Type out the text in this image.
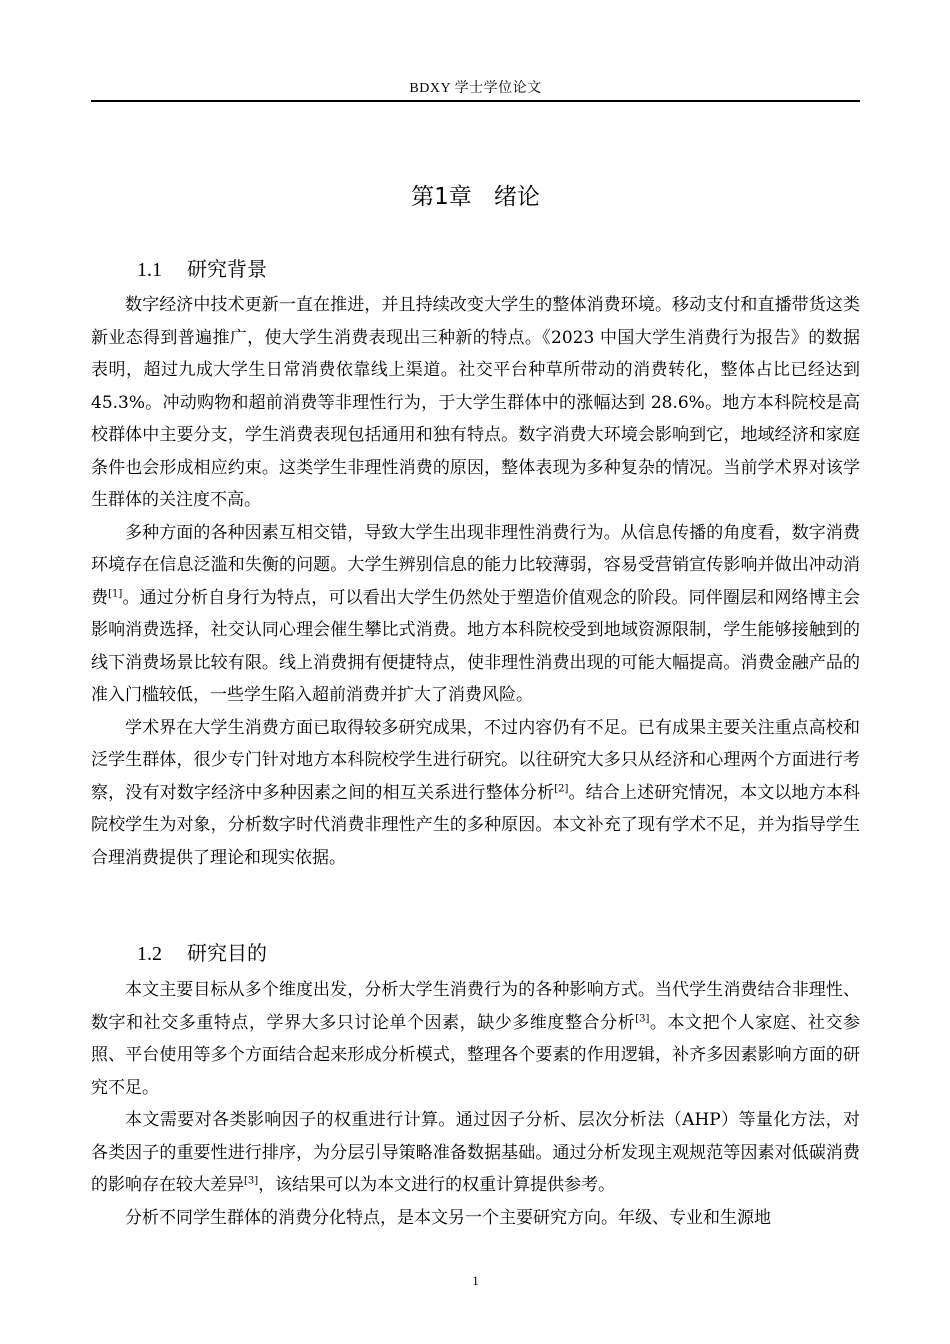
BDXY 学士学位论文
第1章 绪论
1.1 研究背景

数字经济中技术更新一直在推进，并且持续改变大学生的整体消费环境。移动支付和直播带货这类新业态得到普遍推广，使大学生消费表现出三种新的特点。《2023 中国大学生消费行为报告》的数据表明，超过九成大学生日常消费依靠线上渠道。社交平台种草所带动的消费转化，整体占比已经达到 45.3%。冲动购物和超前消费等非理性行为，于大学生群体中的涨幅达到 28.6%。地方本科院校是高校群体中主要分支，学生消费表现包括通用和独有特点。数字消费大环境会影响到它，地域经济和家庭条件也会形成相应约束。这类学生非理性消费的原因，整体表现为多种复杂的情况。当前学术界对该学生群体的关注度不高。

多种方面的各种因素互相交错，导致大学生出现非理性消费行为。从信息传播的角度看，数字消费环境存在信息泛滥和失衡的问题。大学生辨别信息的能力比较薄弱，容易受营销宣传影响并做出冲动消费[1]。通过分析自身行为特点，可以看出大学生仍然处于塑造价值观念的阶段。同伴圈层和网络博主会影响消费选择，社交认同心理会催生攀比式消费。地方本科院校受到地域资源限制，学生能够接触到的线下消费场景比较有限。线上消费拥有便捷特点，使非理性消费出现的可能大幅提高。消费金融产品的准入门槛较低，一些学生陷入超前消费并扩大了消费风险。

学术界在大学生消费方面已取得较多研究成果，不过内容仍有不足。已有成果主要关注重点高校和泛学生群体，很少专门针对地方本科院校学生进行研究。以往研究大多只从经济和心理两个方面进行考察，没有对数字经济中多种因素之间的相互关系进行整体分析[2]。结合上述研究情况，本文以地方本科院校学生为对象，分析数字时代消费非理性产生的多种原因。本文补充了现有学术不足，并为指导学生合理消费提供了理论和现实依据。

1.2 研究目的

本文主要目标从多个维度出发，分析大学生消费行为的各种影响方式。当代学生消费结合非理性、数字和社交多重特点，学界大多只讨论单个因素，缺少多维度整合分析[3]。本文把个人家庭、社交参照、平台使用等多个方面结合起来形成分析模式，整理各个要素的作用逻辑，补齐多因素影响方面的研究不足。

本文需要对各类影响因子的权重进行计算。通过因子分析、层次分析法（AHP）等量化方法，对各类因子的重要性进行排序，为分层引导策略准备数据基础。通过分析发现主观规范等因素对低碳消费的影响存在较大差异[3]，该结果可以为本文进行的权重计算提供参考。

分析不同学生群体的消费分化特点，是本文另一个主要研究方向。年级、专业和生源地

1
